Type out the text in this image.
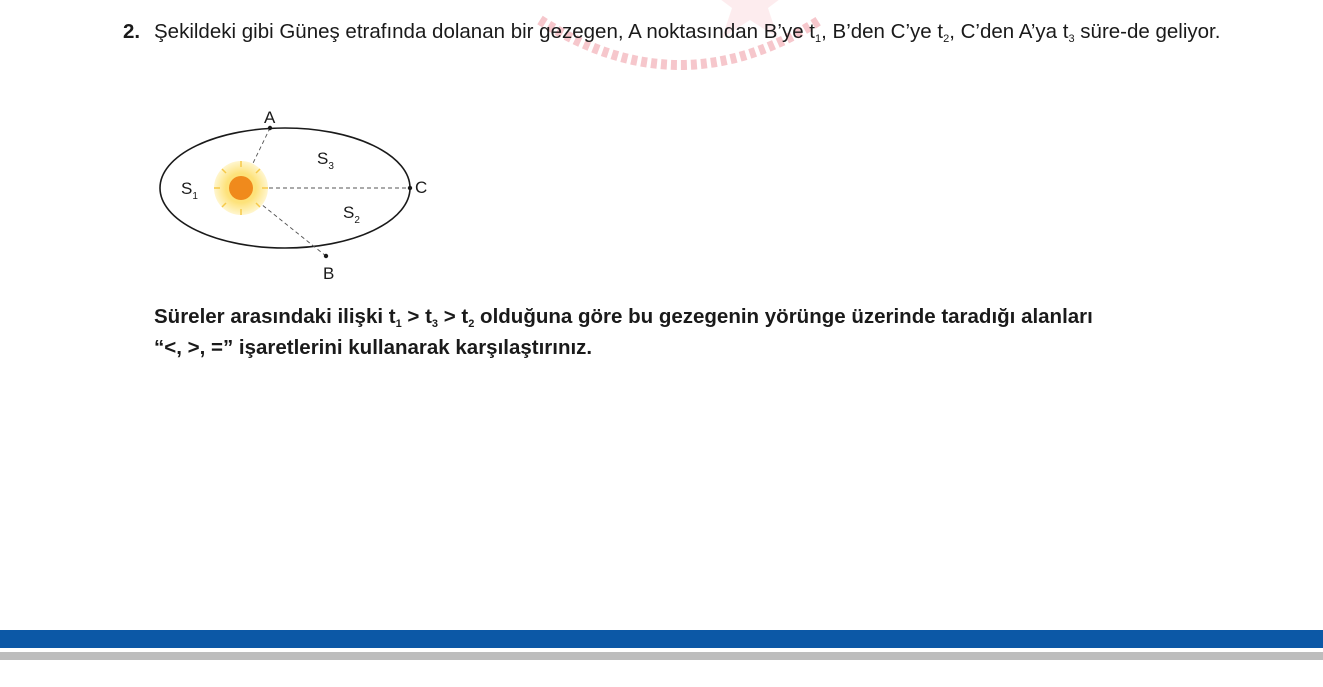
2. Şekildeki gibi Güneş etrafında dolanan bir gezegen, A noktasından B’ye $t_1$, B’den C’ye $t_2$, C’den A’ya $t_3$ süre-de geliyor.
A
B
C
$S_1$
$S_3$
$S_2$
Süreler arasındaki ilişki $t_1 > t_3 > t_2$ olduğuna göre bu gezegenin yörünge üzerinde taradığı alanları
“<, >, =” işaretlerini kullanarak karşılaştırınız.
